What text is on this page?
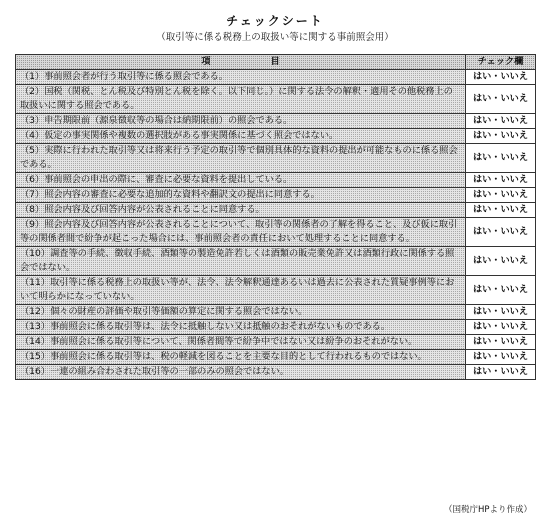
チェックシート
（取引等に係る税務上の取扱い等に関する事前照会用）
項目	チェック欄
（1）事前照会者が行う取引等に係る照会である。	はい・いいえ
（2）国税（関税、とん税及び特別とん税を除く。以下同じ。）に関する法令の解釈・適用その他税務上の取扱いに関する照会である。	はい・いいえ
（3）申告期限前（源泉徴収等の場合は納期限前）の照会である。	はい・いいえ
（4）仮定の事実関係や複数の選択肢がある事実関係に基づく照会ではない。	はい・いいえ
（5）実際に行われた取引等又は将来行う予定の取引等で個別具体的な資料の提出が可能なものに係る照会である。	はい・いいえ
（6）事前照会の申出の際に、審査に必要な資料を提出している。	はい・いいえ
（7）照会内容の審査に必要な追加的な資料や翻訳文の提出に同意する。	はい・いいえ
（8）照会内容及び回答内容が公表されることに同意する。	はい・いいえ
（9）照会内容及び回答内容が公表されることについて、取引等の関係者の了解を得ること、及び仮に取引等の関係者間で紛争が起こった場合には、事前照会者の責任において処理することに同意する。	はい・いいえ
（10）調査等の手続、徴収手続、酒類等の製造免許若しくは酒類の販売業免許又は酒類行政に関係する照会ではない。	はい・いいえ
（11）取引等に係る税務上の取扱い等が、法令、法令解釈通達あるいは過去に公表された質疑事例等において明らかになっていない。	はい・いいえ
（12）個々の財産の評価や取引等価額の算定に関する照会ではない。	はい・いいえ
（13）事前照会に係る取引等は、法令に抵触しない又は抵触のおそれがないものである。	はい・いいえ
（14）事前照会に係る取引等について、関係者間等で紛争中ではない又は紛争のおそれがない。	はい・いいえ
（15）事前照会に係る取引等は、税の軽減を図ることを主要な目的として行われるものではない。	はい・いいえ
（16）一連の組み合わされた取引等の一部のみの照会ではない。	はい・いいえ
（国税庁HPより作成）
